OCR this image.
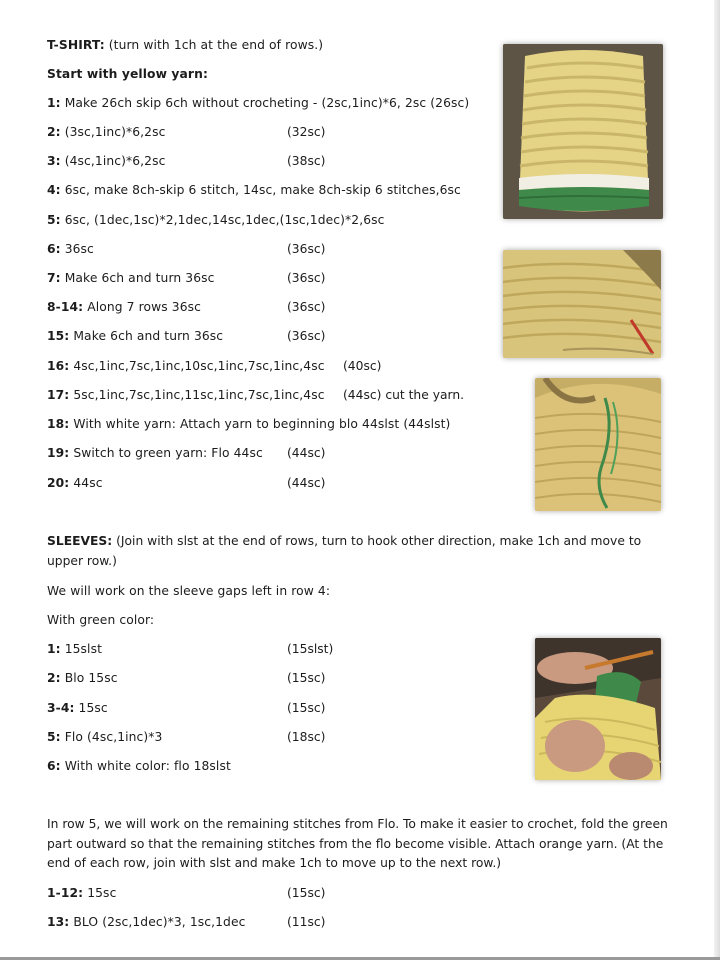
T-SHIRT: (turn with 1ch at the end of rows.)
Start with yellow yarn:
1: Make 26ch skip 6ch without crocheting - (2sc,1inc)*6, 2sc (26sc)
2: (3sc,1inc)*6,2sc	(32sc)
3: (4sc,1inc)*6,2sc	(38sc)
4: 6sc, make 8ch-skip 6 stitch, 14sc, make 8ch-skip 6 stitches,6sc
5: 6sc, (1dec,1sc)*2,1dec,14sc,1dec,(1sc,1dec)*2,6sc
6: 36sc	(36sc)
7: Make 6ch and turn 36sc	(36sc)
8-14: Along 7 rows 36sc	(36sc)
15: Make 6ch and turn 36sc	(36sc)
16: 4sc,1inc,7sc,1inc,10sc,1inc,7sc,1inc,4sc (40sc)
17: 5sc,1inc,7sc,1inc,11sc,1inc,7sc,1inc,4sc (44sc) cut the yarn.
18: With white yarn: Attach yarn to beginning blo 44slst (44slst)
19: Switch to green yarn: Flo 44sc (44sc)
20: 44sc	(44sc)
SLEEVES: (Join with slst at the end of rows, turn to hook other direction, make 1ch and move to upper row.)
We will work on the sleeve gaps left in row 4:
With green color:
1: 15slst	(15slst)
2: Blo 15sc	(15sc)
3-4: 15sc	(15sc)
5: Flo (4sc,1inc)*3	(18sc)
6: With white color: flo 18slst
In row 5, we will work on the remaining stitches from Flo. To make it easier to crochet, fold the green part outward so that the remaining stitches from the flo become visible. Attach orange yarn. (At the end of each row, join with slst and make 1ch to move up to the next row.)
1-12: 15sc	(15sc)
13: BLO (2sc,1dec)*3, 1sc,1dec	(11sc)
